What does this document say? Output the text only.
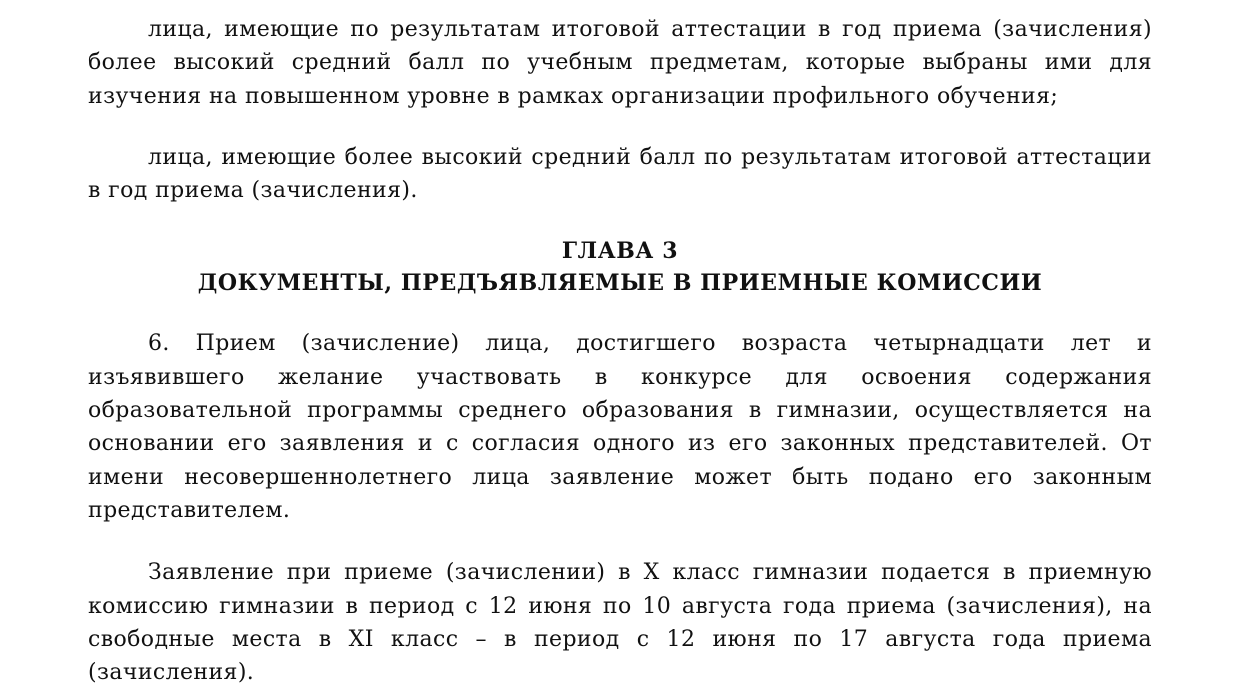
лица, имеющие по результатам итоговой аттестации в год приема (зачисления) более высокий средний балл по учебным предметам, которые выбраны ими для изучения на повышенном уровне в рамках организации профильного обучения;

лица, имеющие более высокий средний балл по результатам итоговой аттестации в год приема (зачисления).

ГЛАВА 3
ДОКУМЕНТЫ, ПРЕДЪЯВЛЯЕМЫЕ В ПРИЕМНЫЕ КОМИССИИ

6. Прием (зачисление) лица, достигшего возраста четырнадцати лет и изъявившего желание участвовать в конкурсе для освоения содержания образовательной программы среднего образования в гимназии, осуществляется на основании его заявления и с согласия одного из его законных представителей. От имени несовершеннолетнего лица заявление может быть подано его законным представителем.

Заявление при приеме (зачислении) в X класс гимназии подается в приемную комиссию гимназии в период с 12 июня по 10 августа года приема (зачисления), на свободные места в XI класс – в период с 12 июня по 17 августа года приема (зачисления).
